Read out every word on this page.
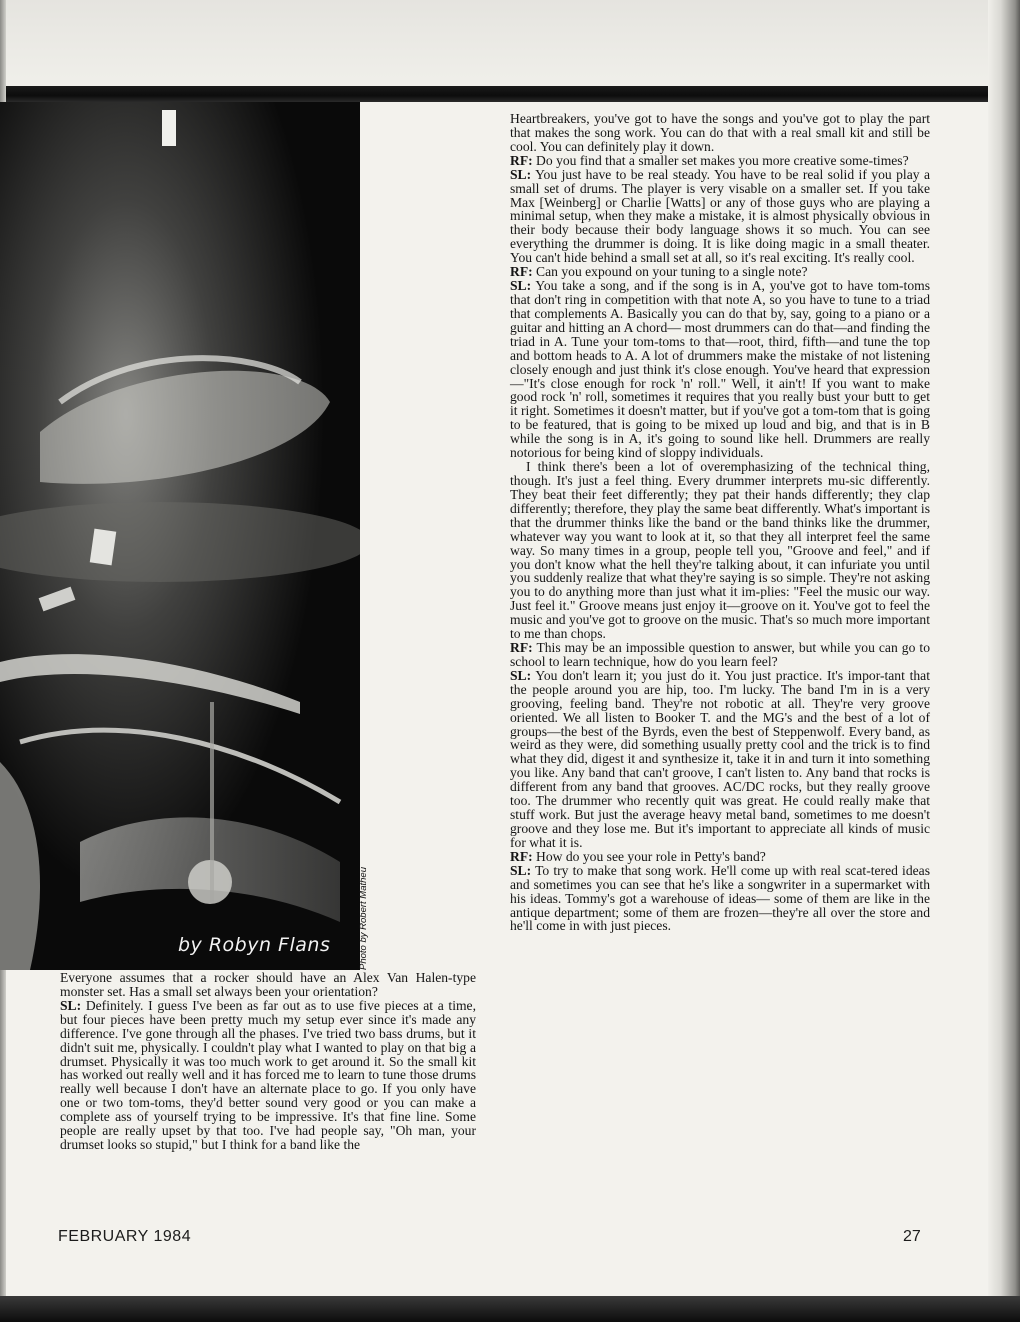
by Robyn Flans	Photo by Robert Matheu

Heartbreakers, you've got to have the songs and you've got to play the part that makes the song work. You can do that with a real small kit and still be cool. You can definitely play it down.

RF: Do you find that a smaller set makes you more creative some-times?

SL: You just have to be real steady. You have to be real solid if you play a small set of drums. The player is very visable on a smaller set. If you take Max [Weinberg] or Charlie [Watts] or any of those guys who are playing a minimal setup, when they make a mistake, it is almost physically obvious in their body because their body language shows it so much. You can see everything the drummer is doing. It is like doing magic in a small theater. You can't hide behind a small set at all, so it's real exciting. It's really cool.

RF: Can you expound on your tuning to a single note?

SL: You take a song, and if the song is in A, you've got to have tom-toms that don't ring in competition with that note A, so you have to tune to a triad that complements A. Basically you can do that by, say, going to a piano or a guitar and hitting an A chord— most drummers can do that—and finding the triad in A. Tune your tom-toms to that—root, third, fifth—and tune the top and bottom heads to A. A lot of drummers make the mistake of not listening closely enough and just think it's close enough. You've heard that expression—"It's close enough for rock 'n' roll." Well, it ain't! If you want to make good rock 'n' roll, sometimes it requires that you really bust your butt to get it right. Sometimes it doesn't matter, but if you've got a tom-tom that is going to be featured, that is going to be mixed up loud and big, and that is in B while the song is in A, it's going to sound like hell. Drummers are really notorious for being kind of sloppy individuals.

I think there's been a lot of overemphasizing of the technical thing, though. It's just a feel thing. Every drummer interprets mu-sic differently. They beat their feet differently; they pat their hands differently; they clap differently; therefore, they play the same beat differently. What's important is that the drummer thinks like the band or the band thinks like the drummer, whatever way you want to look at it, so that they all interpret feel the same way. So many times in a group, people tell you, "Groove and feel," and if you don't know what the hell they're talking about, it can infuriate you until you suddenly realize that what they're saying is so simple. They're not asking you to do anything more than just what it im-plies: "Feel the music our way. Just feel it." Groove means just enjoy it—groove on it. You've got to feel the music and you've got to groove on the music. That's so much more important to me than chops.

RF: This may be an impossible question to answer, but while you can go to school to learn technique, how do you learn feel?

SL: You don't learn it; you just do it. You just practice. It's impor-tant that the people around you are hip, too. I'm lucky. The band I'm in is a very grooving, feeling band. They're not robotic at all. They're very groove oriented. We all listen to Booker T. and the MG's and the best of a lot of groups—the best of the Byrds, even the best of Steppenwolf. Every band, as weird as they were, did something usually pretty cool and the trick is to find what they did, digest it and synthesize it, take it in and turn it into something you like. Any band that can't groove, I can't listen to. Any band that rocks is different from any band that grooves. AC/DC rocks, but they really groove too. The drummer who recently quit was great. He could really make that stuff work. But just the average heavy metal band, sometimes to me doesn't groove and they lose me. But it's important to appreciate all kinds of music for what it is.

RF: How do you see your role in Petty's band?

SL: To try to make that song work. He'll come up with real scat-tered ideas and sometimes you can see that he's like a songwriter in a supermarket with his ideas. Tommy's got a warehouse of ideas— some of them are like in the antique department; some of them are frozen—they're all over the store and he'll come in with just pieces.

Everyone assumes that a rocker should have an Alex Van Halen-type monster set. Has a small set always been your orientation?

SL: Definitely. I guess I've been as far out as to use five pieces at a time, but four pieces have been pretty much my setup ever since it's made any difference. I've gone through all the phases. I've tried two bass drums, but it didn't suit me, physically. I couldn't play what I wanted to play on that big a drumset. Physically it was too much work to get around it. So the small kit has worked out really well and it has forced me to learn to tune those drums really well because I don't have an alternate place to go. If you only have one or two tom-toms, they'd better sound very good or you can make a complete ass of yourself trying to be impressive. It's that fine line. Some people are really upset by that too. I've had people say, "Oh man, your drumset looks so stupid," but I think for a band like the

FEBRUARY 1984	27
